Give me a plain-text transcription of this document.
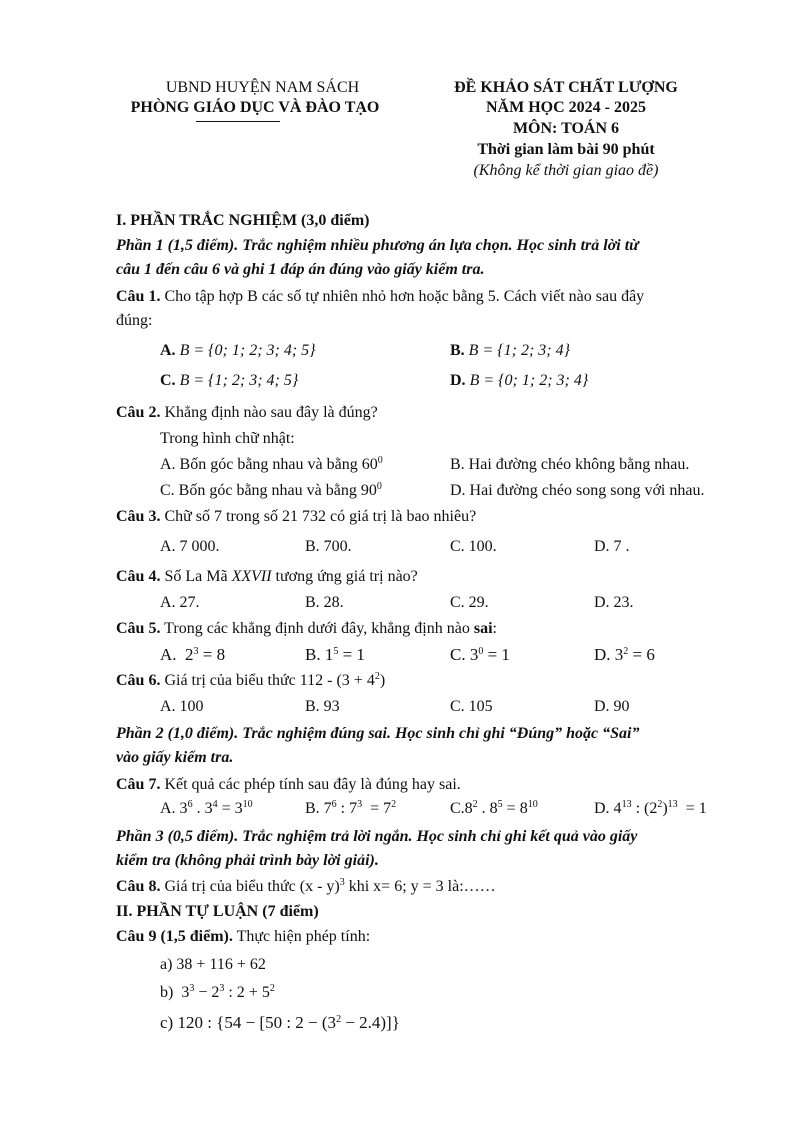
UBND HUYỆN NAM SÁCH
PHÒNG GIÁO DỤC VÀ ĐÀO TẠO
ĐỀ KHẢO SÁT CHẤT LƯỢNG
NĂM HỌC 2024 - 2025
MÔN: TOÁN 6
Thời gian làm bài 90 phút
(Không kể thời gian giao đề)
I. PHẦN TRẮC NGHIỆM (3,0 điểm)
Phần 1 (1,5 điểm). Trắc nghiệm nhiều phương án lựa chọn. Học sinh trả lời từ
câu 1 đến câu 6 và ghi 1 đáp án đúng vào giấy kiểm tra.
Câu 1. Cho tập hợp B các số tự nhiên nhỏ hơn hoặc bằng 5. Cách viết nào sau đây
đúng:
A. B = {0; 1; 2; 3; 4; 5}	B. B = {1; 2; 3; 4}
C. B = {1; 2; 3; 4; 5}	D. B = {0; 1; 2; 3; 4}
Câu 2. Khẳng định nào sau đây là đúng?
Trong hình chữ nhật:
A. Bốn góc bằng nhau và bằng $60^0$	B. Hai đường chéo không bằng nhau.
C. Bốn góc bằng nhau và bằng $90^0$	D. Hai đường chéo song song với nhau.
Câu 3. Chữ số 7 trong số 21 732 có giá trị là bao nhiêu?
A. 7 000.	B. 700.	C. 100.	D. 7 .
Câu 4. Số La Mã XXVII tương ứng giá trị nào?
A. 27.	B. 28.	C. 29.	D. 23.
Câu 5. Trong các khẳng định dưới đây, khẳng định nào sai:
A. $2^3 = 8$	B. $1^5 = 1$	C. $3^0 = 1$	D. $3^2 = 6$
Câu 6. Giá trị của biểu thức $112 - (3 + 4^2)$
A. 100	B. 93	C. 105	D. 90
Phần 2 (1,0 điểm). Trắc nghiệm đúng sai. Học sinh chỉ ghi “Đúng” hoặc “Sai”
vào giấy kiểm tra.
Câu 7. Kết quả các phép tính sau đây là đúng hay sai.
A. $3^6$ . $3^4 = 3^{10}$	B. $7^6$ : $7^3 = 7^2$	$C.8^2$ . $8^5 = 8^{10}$	D. $4^{13}$ : $(2^2)^{13} = 1$
Phần 3 (0,5 điểm). Trắc nghiệm trả lời ngắn. Học sinh chỉ ghi kết quả vào giấy
kiểm tra (không phải trình bày lời giải).
Câu 8. Giá trị của biểu thức (x - y)$^3$ khi x= 6; y = 3 là:……
II. PHẦN TỰ LUẬN (7 điểm)
Câu 9 (1,5 điểm). Thực hiện phép tính:
a) 38 + 116 + 62
b)  $3^3 - 2^3$ : $2 + 5^2$
c) 120 : {54 − [50 : $2 - (3^2 - 2.4)$]}
